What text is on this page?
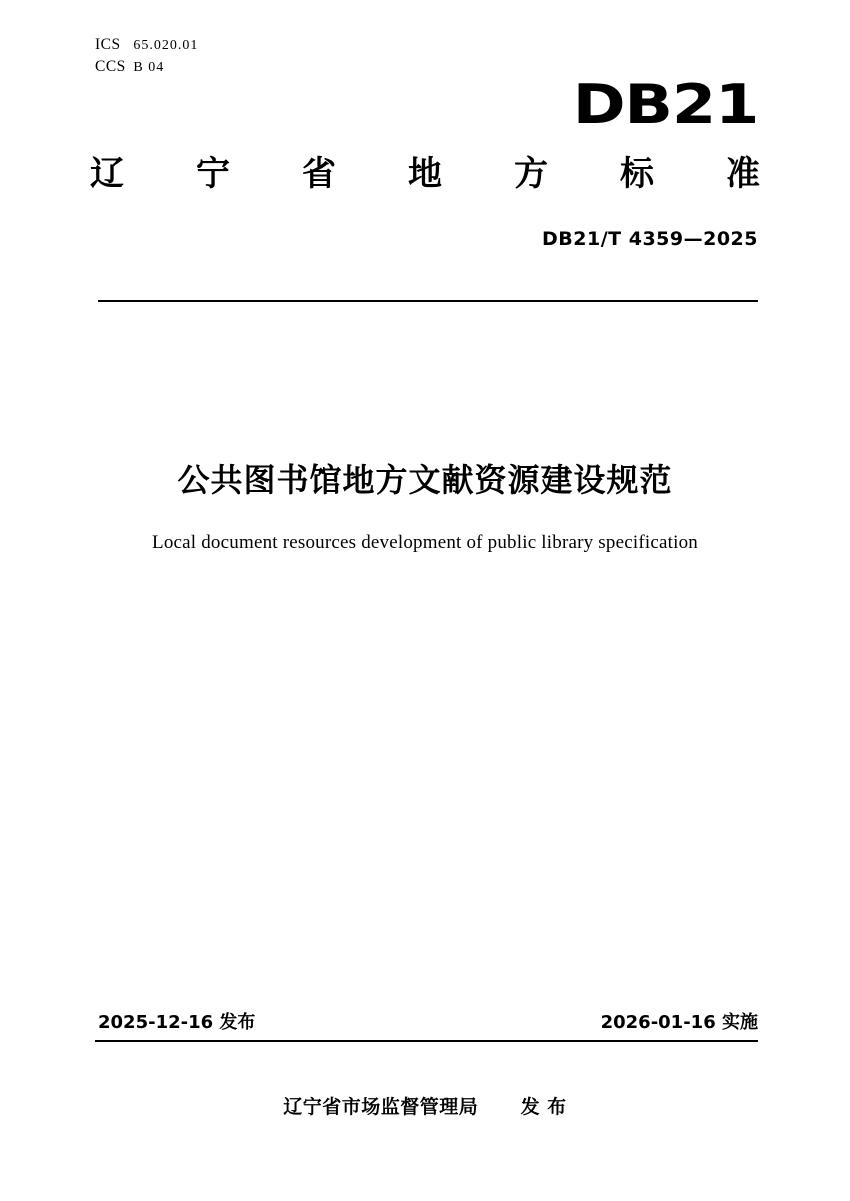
ICS 65.020.01
CCS B 04
DB21
辽 宁 省 地 方 标 准
DB21/T 4359—2025
公共图书馆地方文献资源建设规范
Local document resources development of public library specification
2025-12-16 发布	2026-01-16 实施
辽宁省市场监督管理局 发 布
